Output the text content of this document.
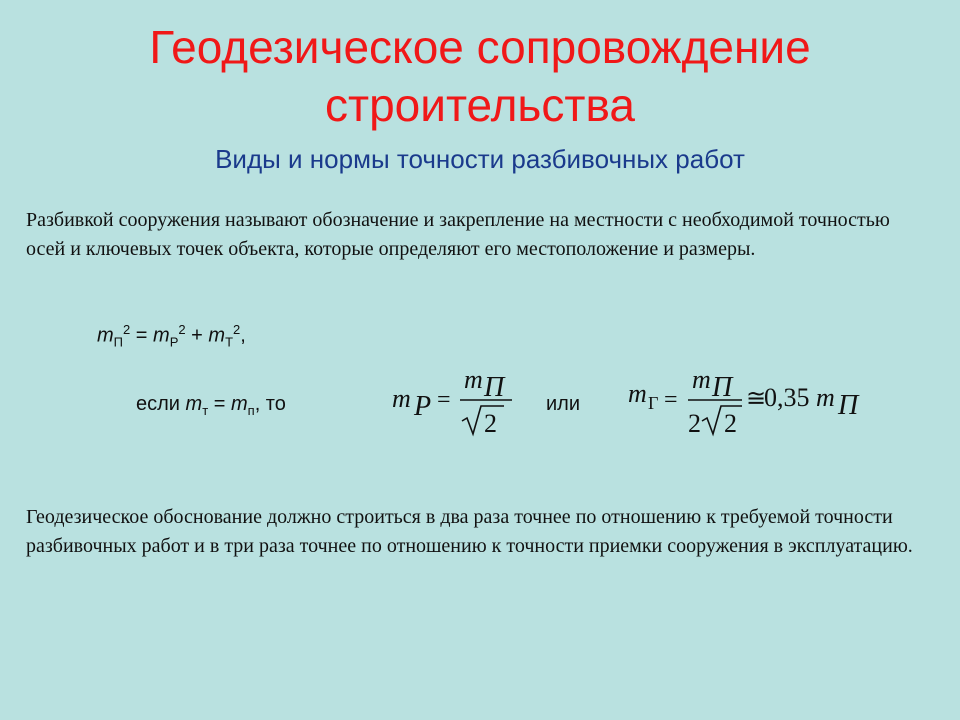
Геодезическое сопровождение
строительства
Виды и нормы точности разбивочных работ
Разбивкой сооружения называют обозначение и закрепление на местности с необходимой точностью осей и ключевых точек объекта, которые определяют его местоположение и размеры.
$m_П^2 = m_Р^2 + m_Т^2$,
если $m_т = m_п$, то	m P =
m П
2
или m Г =
m П
2 2
≅
0,35 m П
Геодезическое обоснование должно строиться в два раза точнее по отношению к требуемой точности разбивочных работ и в три раза точнее по отношению к точности приемки сооружения в эксплуатацию.
